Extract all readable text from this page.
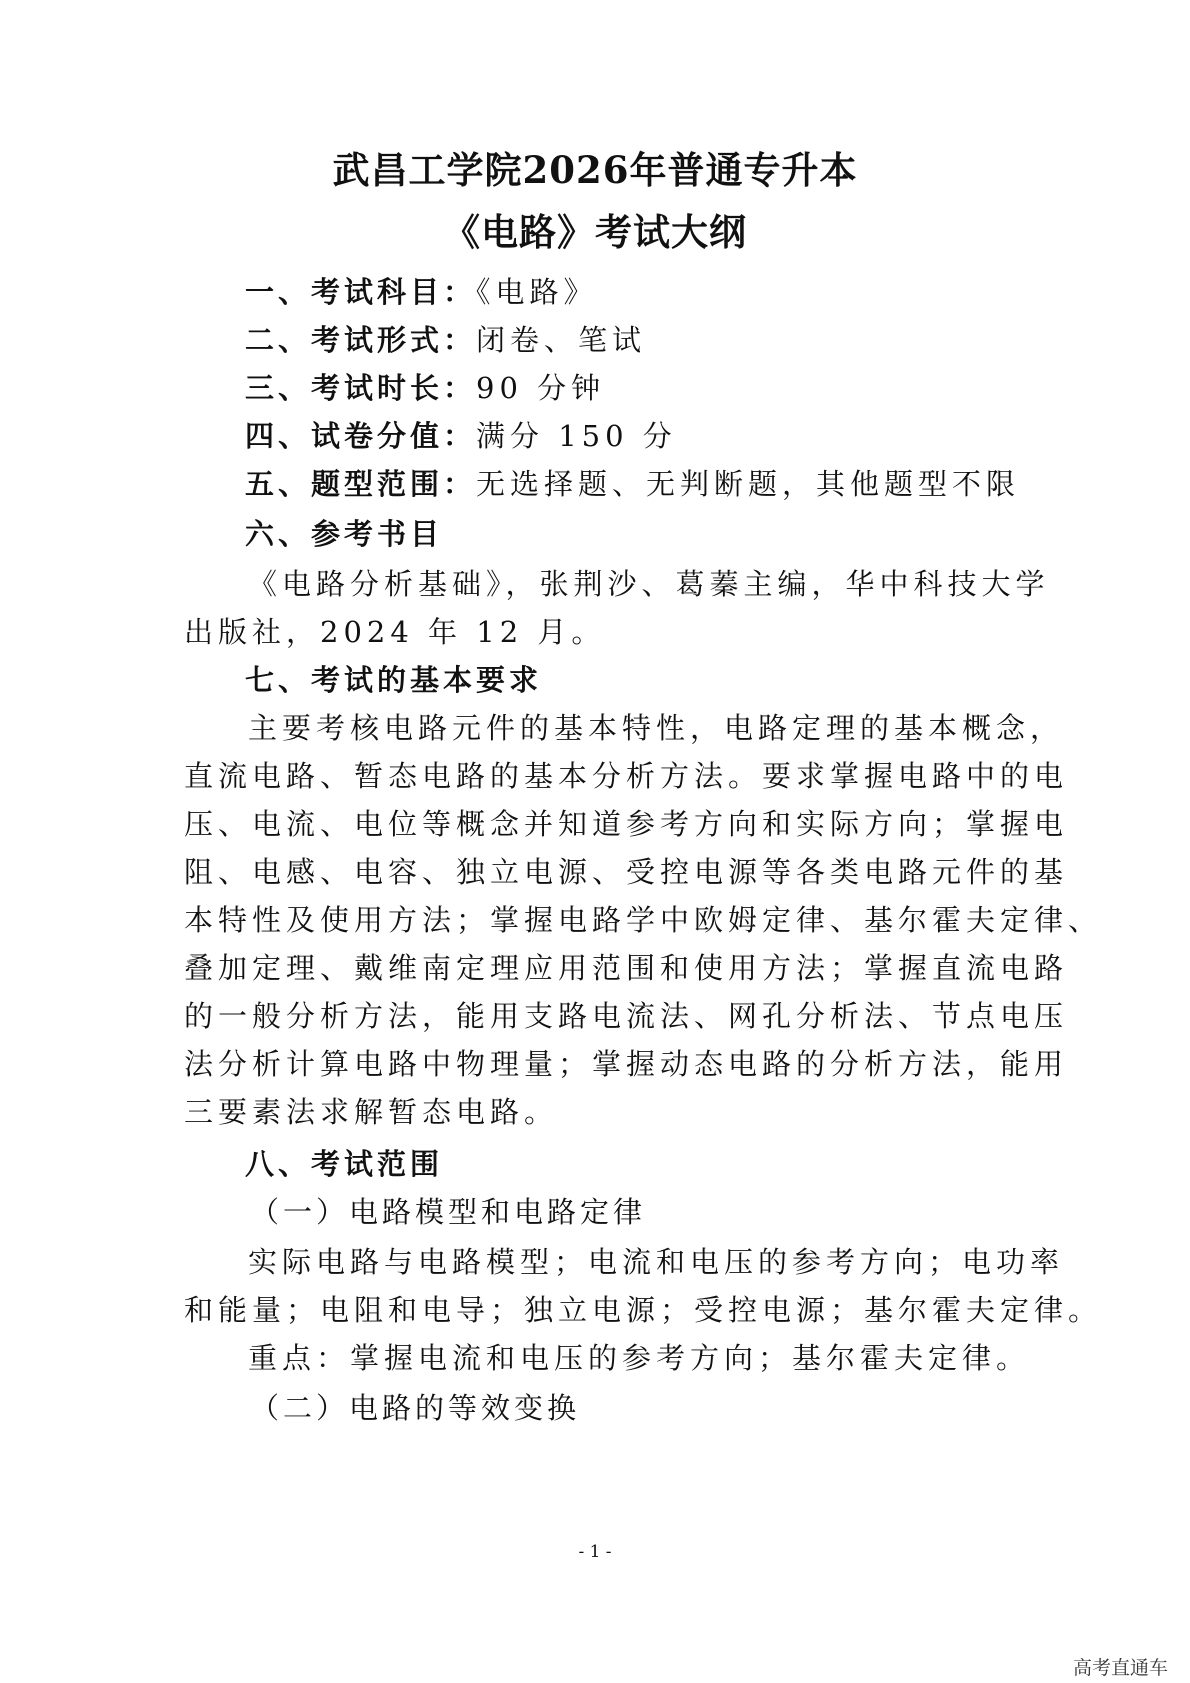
武昌工学院2026年普通专升本
《电路》考试大纲
一、考试科目：《电路》
二、考试形式：闭卷、笔试
三、考试时长：90 分钟
四、试卷分值：满分 150 分
五、题型范围：无选择题、无判断题，其他题型不限
六、参考书目
《电路分析基础》，张荆沙、葛蓁主编，华中科技大学
出版社，2024 年 12 月。
七、考试的基本要求
主要考核电路元件的基本特性，电路定理的基本概念，
直流电路、暂态电路的基本分析方法。要求掌握电路中的电
压、电流、电位等概念并知道参考方向和实际方向；掌握电
阻、电感、电容、独立电源、受控电源等各类电路元件的基
本特性及使用方法；掌握电路学中欧姆定律、基尔霍夫定律、
叠加定理、戴维南定理应用范围和使用方法；掌握直流电路
的一般分析方法，能用支路电流法、网孔分析法、节点电压
法分析计算电路中物理量；掌握动态电路的分析方法，能用
三要素法求解暂态电路。
八、考试范围
（一）电路模型和电路定律
实际电路与电路模型；电流和电压的参考方向；电功率
和能量；电阻和电导；独立电源；受控电源；基尔霍夫定律。
重点：掌握电流和电压的参考方向；基尔霍夫定律。
（二）电路的等效变换
- 1 -
高考直通车
